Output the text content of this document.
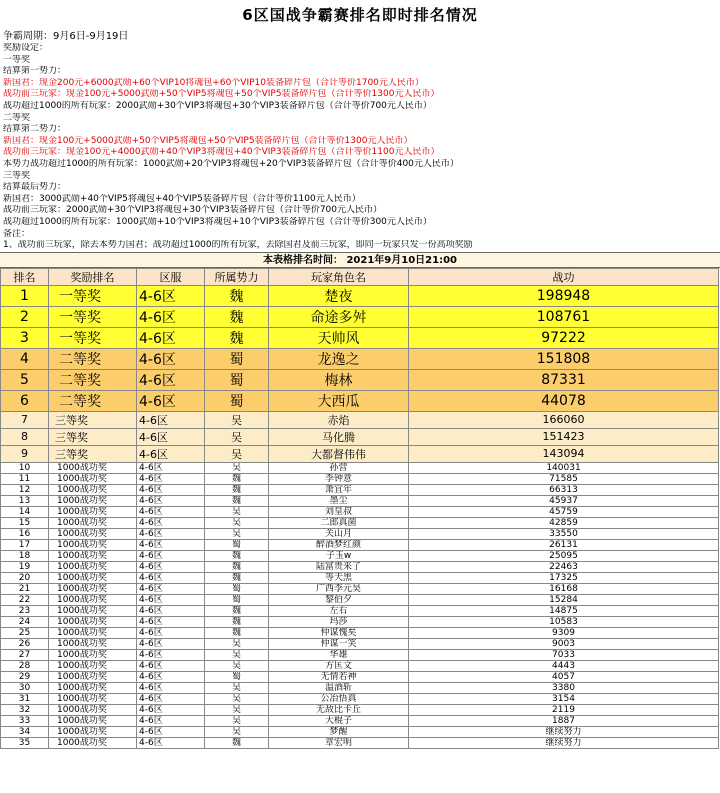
6区国战争霸赛排名即时排名情况
争霸周期：9月6日-9月19日
奖励设定：
一等奖
结算第一势力：
新国君：现金200元+6000武勋+60个VIP10将魂包+60个VIP10装备碎片包（合计等价1700元人民币）
战功前三玩家：现金100元+5000武勋+50个VIP5将魂包+50个VIP5装备碎片包（合计等价1300元人民币）
战功超过1000的所有玩家：2000武勋+30个VIP3将魂包+30个VIP3装备碎片包（合计等价700元人民币）
二等奖
结算第二势力：
新国君：现金100元+5000武勋+50个VIP5将魂包+50个VIP5装备碎片包（合计等价1300元人民币）
战功前三玩家：现金100元+4000武勋+40个VIP3将魂包+40个VIP3装备碎片包（合计等价1100元人民币）
本势力战功超过1000的所有玩家：1000武勋+20个VIP3将魂包+20个VIP3装备碎片包（合计等价400元人民币）
三等奖
结算最后势力：
新国君：3000武勋+40个VIP5将魂包+40个VIP5装备碎片包（合计等价1100元人民币）
战功前三玩家：2000武勋+30个VIP3将魂包+30个VIP3装备碎片包（合计等价700元人民币）
战功超过1000的所有玩家：1000武勋+10个VIP3将魂包+10个VIP3装备碎片包（合计等价300元人民币）
备注：
1、战功前三玩家，除去本势力国君；战功超过1000的所有玩家，去除国君及前三玩家，即同一玩家只发一份高项奖励
本表格排名时间： 2021年9月10日21:00
排名	奖励排名	区服	所属势力	玩家角色名	战功
1	一等奖	4-6区	魏	楚夜	198948
2	一等奖	4-6区	魏	命途多舛	108761
3	一等奖	4-6区	魏	天帅风	97222
4	二等奖	4-6区	蜀	龙逸之	151808
5	二等奖	4-6区	蜀	梅林	87331
6	二等奖	4-6区	蜀	大西瓜	44078
7	三等奖	4-6区	吴	赤焰	166060
8	三等奖	4-6区	吴	马化腾	151423
9	三等奖	4-6区	吴	大都督伟伟	143094
10	1000战功奖	4-6区	吴	孙营	140031
11	1000战功奖	4-6区	魏	李钟意	71585
12	1000战功奖	4-6区	魏	萧宜年	66313
13	1000战功奖	4-6区	魏	墨尘	45937
14	1000战功奖	4-6区	吴	刘皇叔	45759
15	1000战功奖	4-6区	吴	二郎真菌	42859
16	1000战功奖	4-6区	吴	关山月	33550
17	1000战功奖	4-6区	蜀	醉酒梦红颜	26131
18	1000战功奖	4-6区	魏	子玉w	25095
19	1000战功奖	4-6区	魏	陆富贵来了	22463
20	1000战功奖	4-6区	魏	等天黑	17325
21	1000战功奖	4-6区	蜀	广西李元昊	16168
22	1000战功奖	4-6区	蜀	黎伯夕	15284
23	1000战功奖	4-6区	魏	左右	14875
24	1000战功奖	4-6区	魏	玛莎	10583
25	1000战功奖	4-6区	魏	仲谋愧矣	9309
26	1000战功奖	4-6区	吴	仲谋一笑	9003
27	1000战功奖	4-6区	吴	华雄	7033
28	1000战功奖	4-6区	吴	方匡文	4443
29	1000战功奖	4-6区	蜀	无情若神	4057
30	1000战功奖	4-6区	吴	温酒斩	3380
31	1000战功奖	4-6区	吴	公冶悟真	3154
32	1000战功奖	4-6区	吴	无敌比卡丘	2119
33	1000战功奖	4-6区	吴	大棍子	1887
34	1000战功奖	4-6区	吴	梦醒	继续努力
35	1000战功奖	4-6区	魏	章宏明	继续努力
